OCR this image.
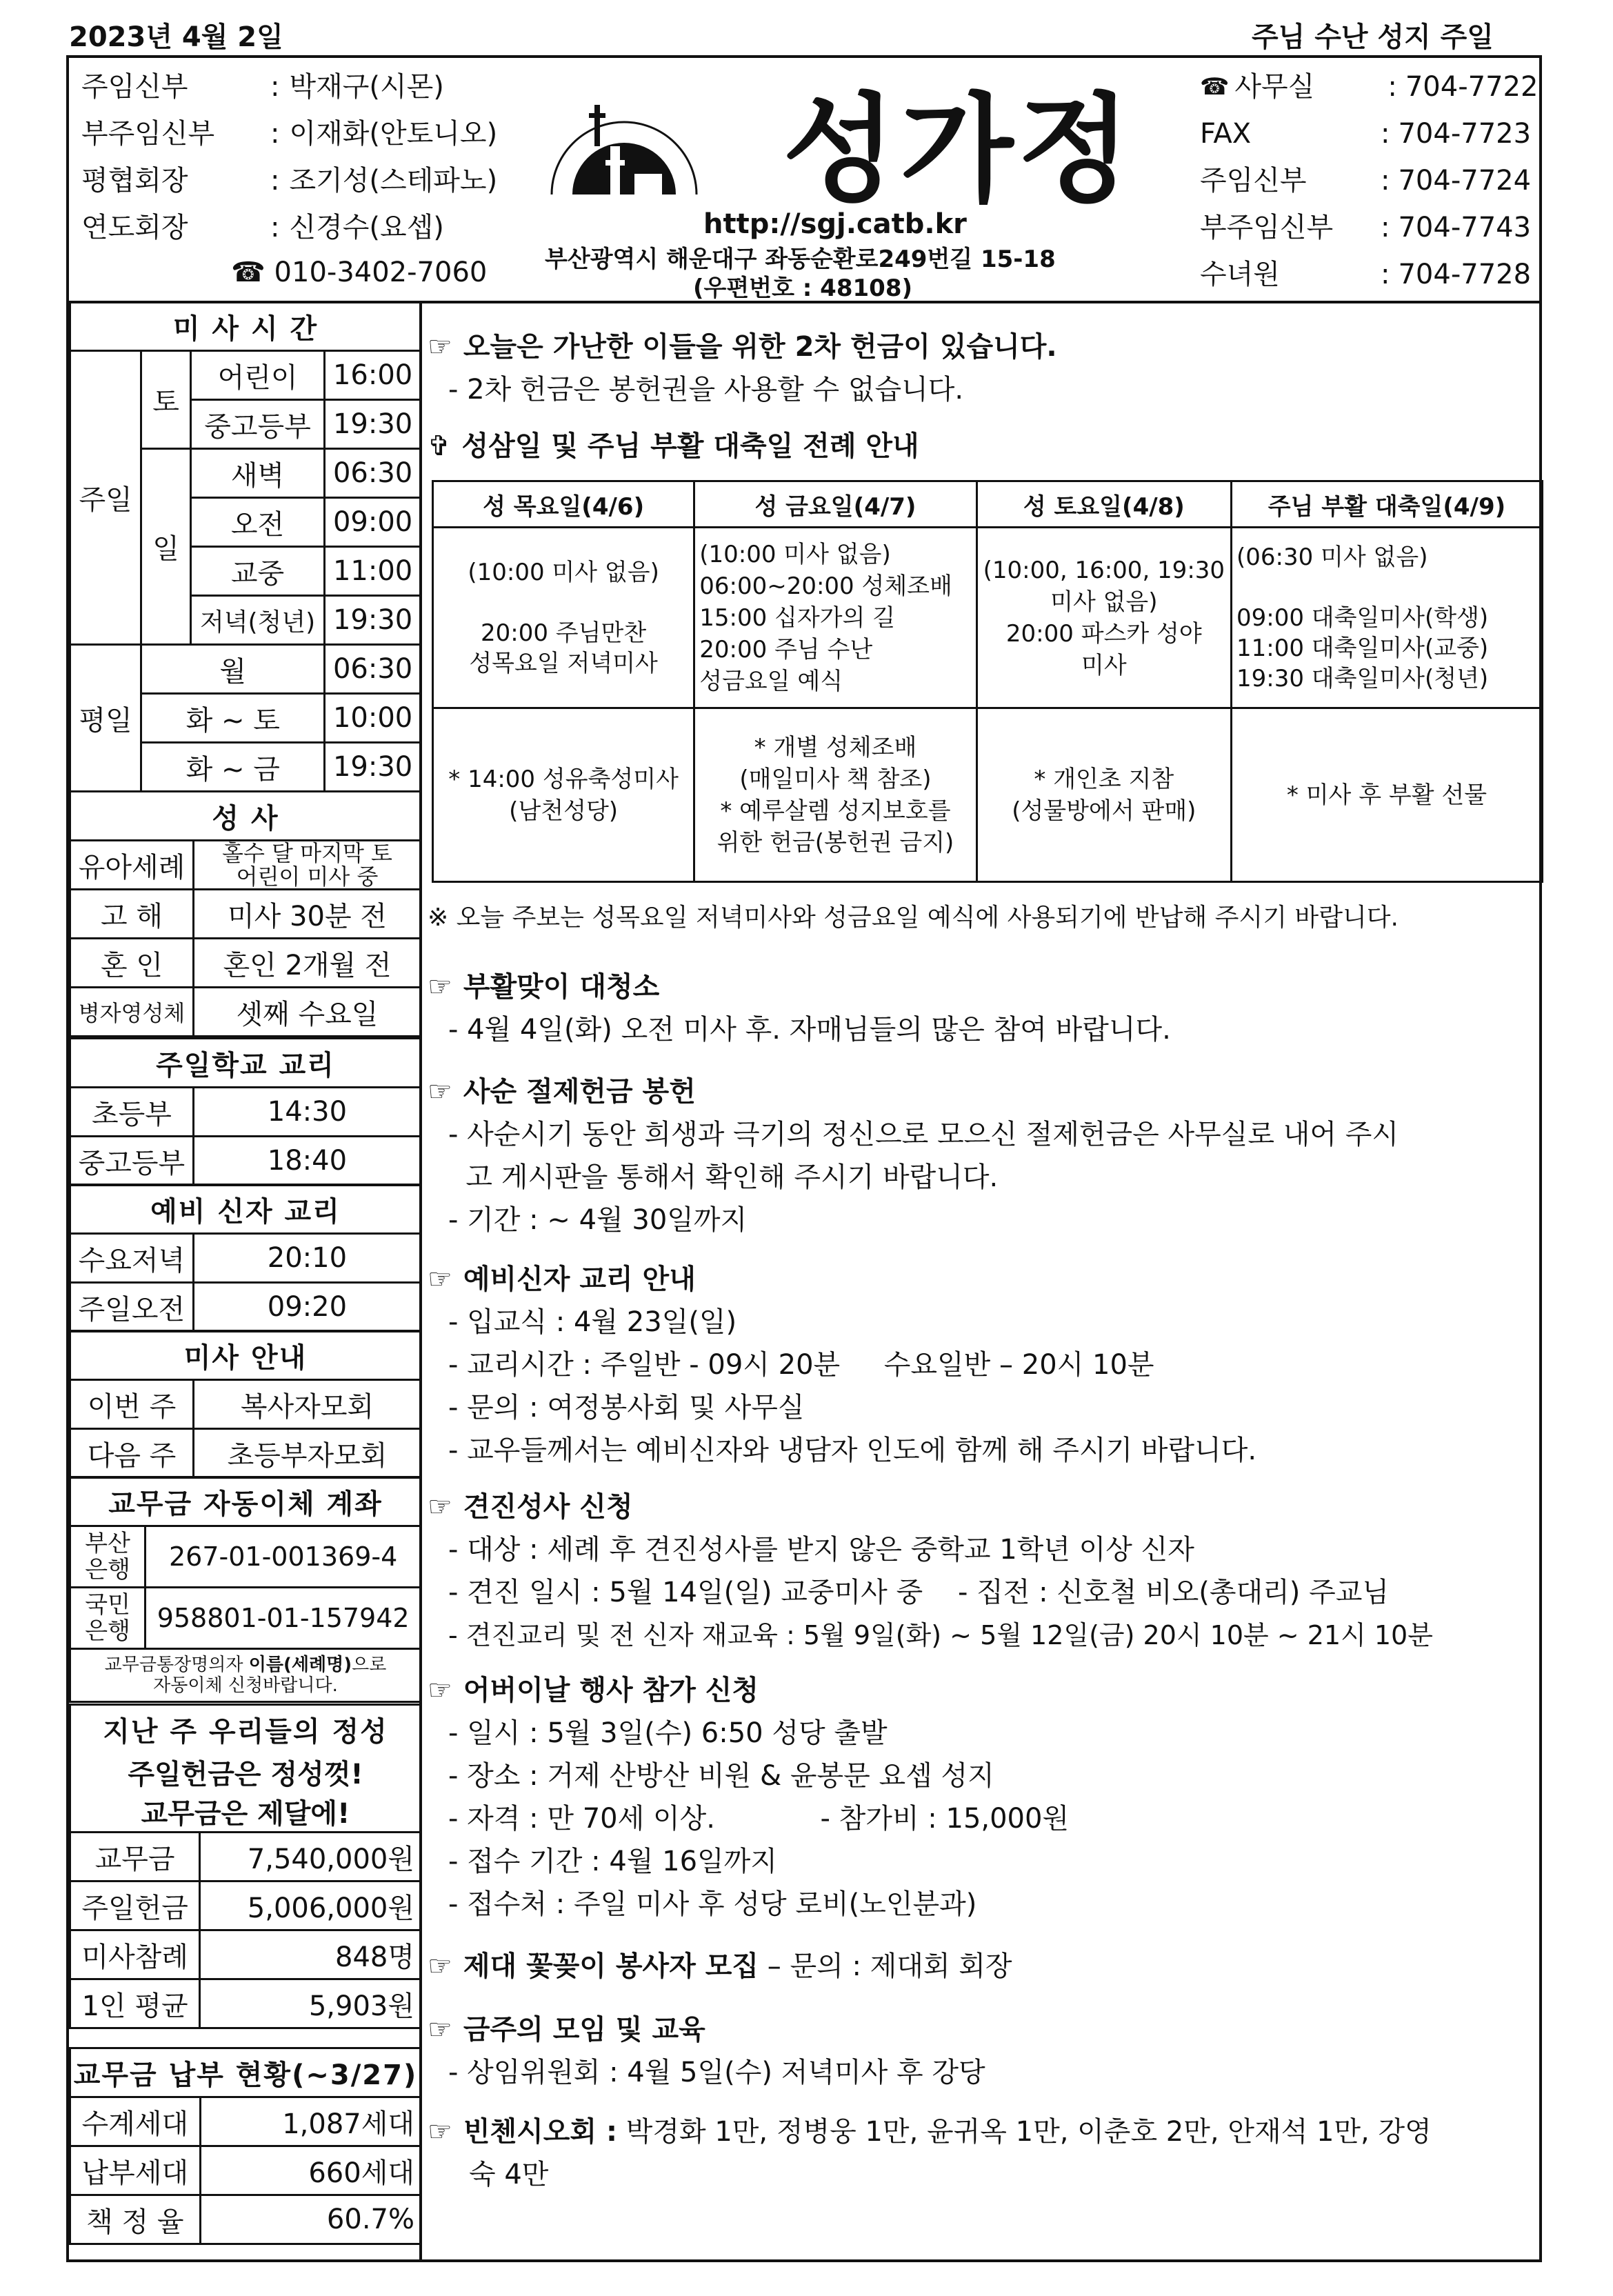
2023년 4월 2일	주님 수난 성지 주일
주임신부	: 박재구(시몬)
부주임신부	: 이재화(안토니오)
평협회장	: 조기성(스테파노)
연도회장	: 신경수(요셉)
☎ 010-3402-7060
성가정
http://sgj.catb.kr
부산광역시 해운대구 좌동순환로249번길 15-18
(우편번호 : 48108)
☎ 사무실	: 704-7722
FAX	: 704-7723
주임신부	: 704-7724
부주임신부	: 704-7743
수녀원	: 704-7728
미 사 시 간			
주일	토	어린이	16:00
		중고등부	19:30
	일	새벽	06:30
		오전	09:00
		교중	11:00
		저녁(청년)	19:30
평일	월		06:30
	화 ~ 토		10:00
	화 ~ 금		19:30
성 사	
유아세례	홀수 달 마지막 토
어린이 미사 중
고 해	미사 30분 전
혼 인	혼인 2개월 전
병자영성체	셋째 수요일
주일학교 교리	
초등부	14:30
중고등부	18:40
예비 신자 교리	
수요저녁	20:10
주일오전	09:20
미사 안내	
이번 주	복사자모회
다음 주	초등부자모회
교무금 자동이체 계좌	
부산
은행	267-01-001369-4
국민
은행	958801-01-157942
교무금통장명의자 이름(세례명)으로
자동이체 신청바랍니다.	
지난 주 우리들의 정성	
주일헌금은 정성껏!	
교무금은 제달에!	
교무금	7,540,000원
주일헌금	5,006,000원
미사참례	848명
1인 평균	5,903원
교무금 납부 현황(~3/27)	
수계세대	1,087세대
납부세대	660세대
책 정 율	60.7%
☞ 오늘은 가난한 이들을 위한 2차 헌금이 있습니다.
- 2차 헌금은 봉헌권을 사용할 수 없습니다.
✞ 성삼일 및 주님 부활 대축일 전례 안내
성 목요일(4/6)	성 금요일(4/7)	성 토요일(4/8)	주님 부활 대축일(4/9)
(10:00 미사 없음)

20:00 주님만찬
성목요일 저녁미사	(10:00 미사 없음)
06:00~20:00 성체조배
15:00 십자가의 길
20:00 주님 수난
성금요일 예식	(10:00, 16:00, 19:30
미사 없음)
20:00 파스카 성야
미사	(06:30 미사 없음)

09:00 대축일미사(학생)
11:00 대축일미사(교중)
19:30 대축일미사(청년)
* 14:00 성유축성미사
(남천성당)	* 개별 성체조배
(매일미사 책 참조)
* 예루살렘 성지보호를
위한 헌금(봉헌권 금지)	* 개인초 지참
(성물방에서 판매)	* 미사 후 부활 선물
※ 오늘 주보는 성목요일 저녁미사와 성금요일 예식에 사용되기에 반납해 주시기 바랍니다.
☞ 부활맞이 대청소
- 4월 4일(화) 오전 미사 후. 자매님들의 많은 참여 바랍니다.
☞ 사순 절제헌금 봉헌
- 사순시기 동안 희생과 극기의 정신으로 모으신 절제헌금은 사무실로 내어 주시
고 게시판을 통해서 확인해 주시기 바랍니다.
- 기간 : ~ 4월 30일까지
☞ 예비신자 교리 안내
- 입교식 : 4월 23일(일)
- 교리시간 : 주일반 - 09시 20분     수요일반 – 20시 10분
- 문의 : 여정봉사회 및 사무실
- 교우들께서는 예비신자와 냉담자 인도에 함께 해 주시기 바랍니다.
☞ 견진성사 신청
- 대상 : 세례 후 견진성사를 받지 않은 중학교 1학년 이상 신자
- 견진 일시 : 5월 14일(일) 교중미사 중    - 집전 : 신호철 비오(총대리) 주교님
- 견진교리 및 전 신자 재교육 : 5월 9일(화) ~ 5월 12일(금) 20시 10분 ~ 21시 10분
☞ 어버이날 행사 참가 신청
- 일시 : 5월 3일(수) 6:50 성당 출발
- 장소 : 거제 산방산 비원 & 윤봉문 요셉 성지
- 자격 : 만 70세 이상.            - 참가비 : 15,000원
- 접수 기간 : 4월 16일까지
- 접수처 : 주일 미사 후 성당 로비(노인분과)
☞ 제대 꽃꽂이 봉사자 모집 – 문의 : 제대회 회장
☞ 금주의 모임 및 교육
- 상임위원회 : 4월 5일(수) 저녁미사 후 강당
☞ 빈첸시오회 : 박경화 1만, 정병웅 1만, 윤귀옥 1만, 이춘호 2만, 안재석 1만, 강영
숙 4만
